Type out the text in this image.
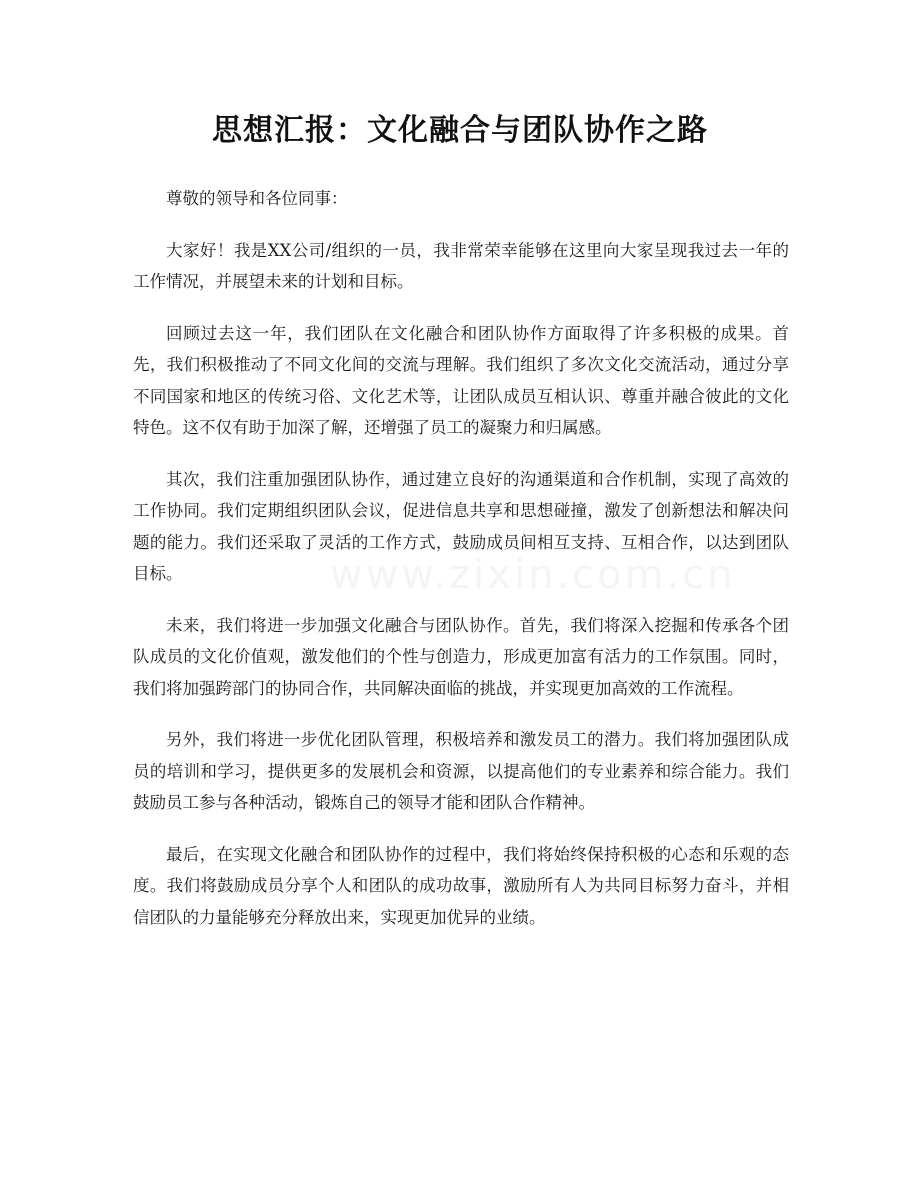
思想汇报：文化融合与团队协作之路

尊敬的领导和各位同事：

大家好！我是XX公司/组织的一员，我非常荣幸能够在这里向大家呈现我过去一年的工作情况，并展望未来的计划和目标。

回顾过去这一年，我们团队在文化融合和团队协作方面取得了许多积极的成果。首先，我们积极推动了不同文化间的交流与理解。我们组织了多次文化交流活动，通过分享不同国家和地区的传统习俗、文化艺术等，让团队成员互相认识、尊重并融合彼此的文化特色。这不仅有助于加深了解，还增强了员工的凝聚力和归属感。

其次，我们注重加强团队协作，通过建立良好的沟通渠道和合作机制，实现了高效的工作协同。我们定期组织团队会议，促进信息共享和思想碰撞，激发了创新想法和解决问题的能力。我们还采取了灵活的工作方式，鼓励成员间相互支持、互相合作，以达到团队目标。

未来，我们将进一步加强文化融合与团队协作。首先，我们将深入挖掘和传承各个团队成员的文化价值观，激发他们的个性与创造力，形成更加富有活力的工作氛围。同时，我们将加强跨部门的协同合作，共同解决面临的挑战，并实现更加高效的工作流程。

另外，我们将进一步优化团队管理，积极培养和激发员工的潜力。我们将加强团队成员的培训和学习，提供更多的发展机会和资源，以提高他们的专业素养和综合能力。我们鼓励员工参与各种活动，锻炼自己的领导才能和团队合作精神。

最后，在实现文化融合和团队协作的过程中，我们将始终保持积极的心态和乐观的态度。我们将鼓励成员分享个人和团队的成功故事，激励所有人为共同目标努力奋斗，并相信团队的力量能够充分释放出来，实现更加优异的业绩。
